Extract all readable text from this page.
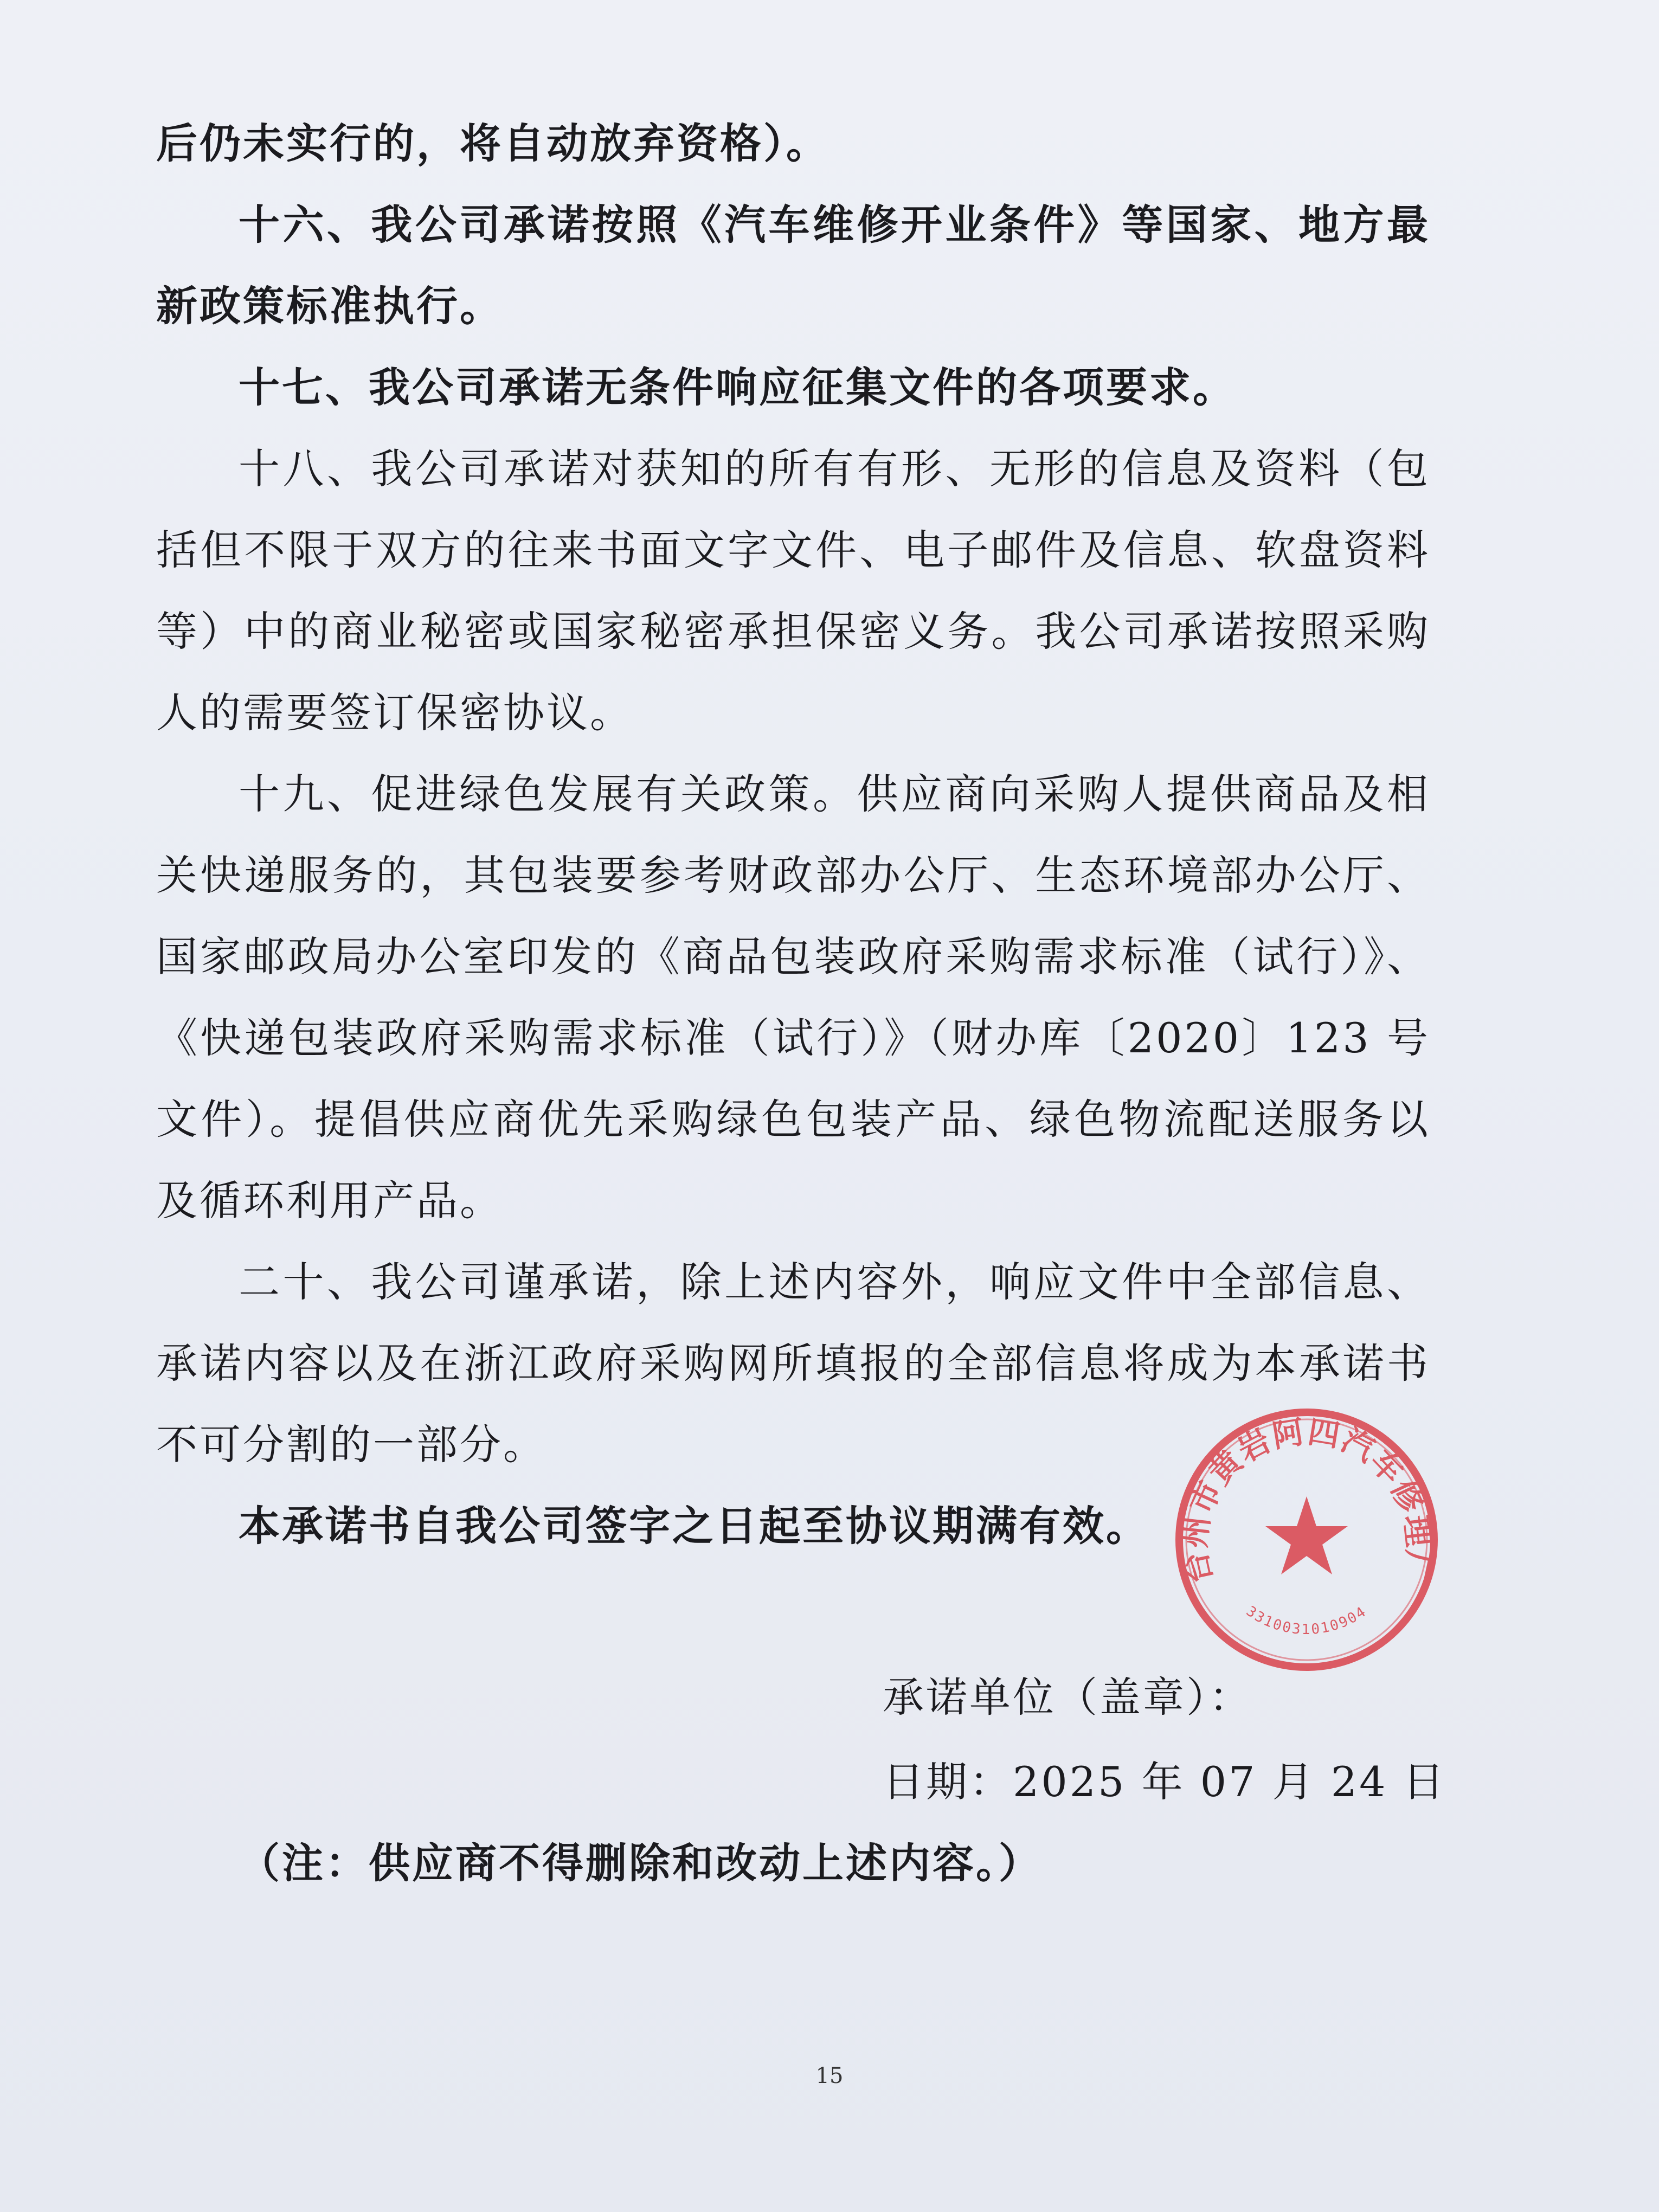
后仍未实行的，将自动放弃资格）。

十六、我公司承诺按照《汽车维修开业条件》等国家、地方最新政策标准执行。

十七、我公司承诺无条件响应征集文件的各项要求。

十八、我公司承诺对获知的所有有形、无形的信息及资料（包括但不限于双方的往来书面文字文件、电子邮件及信息、软盘资料等）中的商业秘密或国家秘密承担保密义务。我公司承诺按照采购人的需要签订保密协议。

十九、促进绿色发展有关政策。供应商向采购人提供商品及相关快递服务的，其包装要参考财政部办公厅、生态环境部办公厅、国家邮政局办公室印发的《商品包装政府采购需求标准（试行）》、《快递包装政府采购需求标准（试行）》（财办库〔2020〕123 号文件）。提倡供应商优先采购绿色包装产品、绿色物流配送服务以及循环利用产品。

二十、我公司谨承诺，除上述内容外，响应文件中全部信息、承诺内容以及在浙江政府采购网所填报的全部信息将成为本承诺书不可分割的一部分。

本承诺书自我公司签字之日起至协议期满有效。

承诺单位（盖章）：
日期：2025 年 07 月 24 日
（注：供应商不得删除和改动上述内容。）
15
台州市黄岩阿四汽车修理厂
3310031010904
